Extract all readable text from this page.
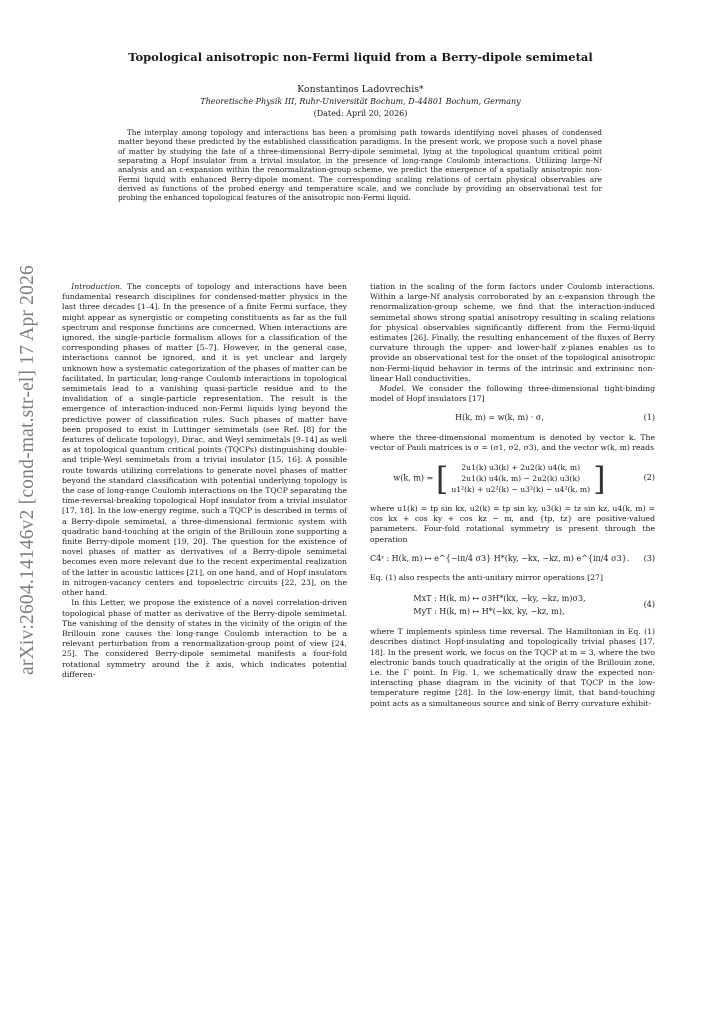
arXiv:2604.14146v2 [cond-mat.str-el] 17 Apr 2026
Topological anisotropic non-Fermi liquid from a Berry-dipole semimetal
Konstantinos Ladovrechis*
Theoretische Physik III, Ruhr-Universität Bochum, D-44801 Bochum, Germany
(Dated: April 20, 2026)

The interplay among topology and interactions has been a promising path towards identifying novel phases of condensed matter beyond these predicted by the established classification paradigms. In the present work, we propose such a novel phase of matter by studying the fate of a three-dimensional Berry-dipole semimetal, lying at the topological quantum critical point separating a Hopf insulator from a trivial insulator, in the presence of long-range Coulomb interactions. Utilizing large-Nf analysis and an ε-expansion within the renormalization-group scheme, we predict the emergence of a spatially anisotropic non-Fermi liquid with enhanced Berry-dipole moment. The corresponding scaling relations of certain physical observables are derived as functions of the probed energy and temperature scale, and we conclude by providing an observational test for probing the enhanced topological features of the anisotropic non-Fermi liquid.

Introduction. The concepts of topology and interactions have been fundamental research disciplines for condensed-matter physics in the last three decades [1–4]. In the presence of a finite Fermi surface, they might appear as synergistic or competing constituents as far as the full spectrum and response functions are concerned. When interactions are ignored, the single-particle formalism allows for a classification of the corresponding phases of matter [5–7]. However, in the general case, interactions cannot be ignored, and it is yet unclear and largely unknown how a systematic categorization of the phases of matter can be facilitated. In particular, long-range Coulomb interactions in topological semimetals lead to a vanishing quasi-particle residue and to the invalidation of a single-particle representation. The result is the emergence of interaction-induced non-Fermi liquids lying beyond the predictive power of classification rules. Such phases of matter have been proposed to exist in Luttinger semimetals (see Ref. [8] for the features of delicate topology), Dirac, and Weyl semimetals [9–14] as well as at topological quantum critical points (TQCPs) distinguishing double- and triple-Weyl semimetals from a trivial insulator [15, 16]. A possible route towards utilizing correlations to generate novel phases of matter beyond the standard classification with potential underlying topology is the case of long-range Coulomb interactions on the TQCP separating the time-reversal-breaking topological Hopf insulator from a trivial insulator [17, 18]. In the low-energy regime, such a TQCP is described in terms of a Berry-dipole semimetal, a three-dimensional fermionic system with quadratic band-touching at the origin of the Brillouin zone supporting a finite Berry-dipole moment [19, 20]. The question for the existence of novel phases of matter as derivatives of a Berry-dipole semimetal becomes even more relevant due to the recent experimental realization of the latter in acoustic lattices [21], on one hand, and of Hopf insulators in nitrogen-vacancy centers and topoelectric circuits [22, 23], on the other hand.

In this Letter, we propose the existence of a novel correlation-driven topological phase of matter as derivative of the Berry-dipole semimetal. The vanishing of the density of states in the vicinity of the origin of the Brillouin zone causes the long-range Coulomb interaction to be a relevant perturbation from a renormalization-group point of view [24, 25]. The considered Berry-dipole semimetal manifests a four-fold rotational symmetry around the ẑ axis, which indicates potential differen-

tiation in the scaling of the form factors under Coulomb interactions. Within a large-Nf analysis corroborated by an ε-expansion through the renormalization-group scheme, we find that the interaction-induced semimetal shows strong spatial anisotropy resulting in scaling relations for physical observables significantly different from the Fermi-liquid estimates [26]. Finally, the resulting enhancement of the fluxes of Berry curvature through the upper- and lower-half z-planes enables us to provide an observational test for the onset of the topological anisotropic non-Fermi-liquid behavior in terms of the intrinsic and extrinsinc non-linear Hall conductivities.

Model. We consider the following three-dimensional tight-binding model of Hopf insulators [17]

H(k, m) = w(k, m) · σ,	(1)

where the three-dimensional momentum is denoted by vector k. The vector of Pauli matrices is σ = (σ1, σ2, σ3), and the vector w(k, m) reads

w(k, m) = [	2u1(k) u3(k) + 2u2(k) u4(k, m)
2u1(k) u4(k, m) − 2u2(k) u3(k)
u1²(k) + u2²(k) − u3²(k) − u4²(k, m) ]	(2)

where u1(k) = tp sin kx, u2(k) = tp sin ky, u3(k) = tz sin kz, u4(k, m) = cos kx + cos ky + cos kz − m, and {tp, tz} are positive-valued parameters. Four-fold rotational symmetry is present through the operation

C4ᶻ : H(k, m) ↦ e^{−iπ/4 σ3} H*(ky, −kx, −kz, m) e^{iπ/4 σ3}.	(3)

Eq. (1) also respects the anti-unitary mirror operations [27]

MxT : H(k, m) ↦ σ3H*(kx, −ky, −kz, m)σ3,
MyT : H(k, m) ↦ H*(−kx, ky, −kz, m),
(4)

where T implements spinless time reversal. The Hamiltonian in Eq. (1) describes distinct Hopf-insulating and topologically trivial phases [17, 18]. In the present work, we focus on the TQCP at m = 3, where the two electronic bands touch quadratically at the origin of the Brillouin zone, i.e. the Γ point. In Fig. 1, we schematically draw the expected non-interacting phase diagram in the vicinity of that TQCP in the low-temperature regime [28]. In the low-energy limit, that band-touching point acts as a simultaneous source and sink of Berry curvature exhibit-
